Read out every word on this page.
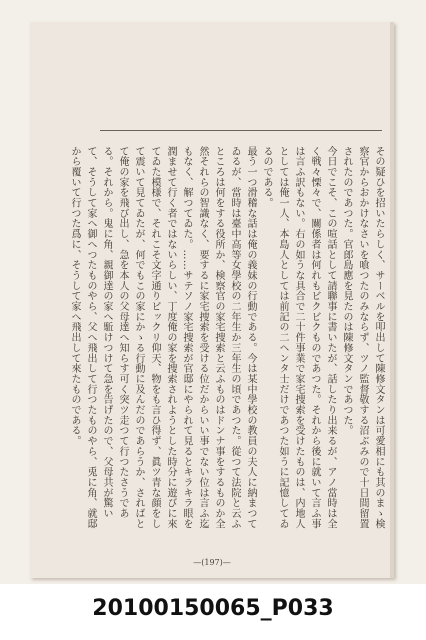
その疑ひを招いたらしく、サーベルを叩出して陳修文タンは可愛相にも其のまゝ検察官からおかけなさいを喰つたのみならず、ツノ監督敬する沼ぶみので十日間留置されたのであつた。官郎島應を見たのは陳修文タンであつた。

今日でこそ、この喧話として請聯事に書いたが、話したり出来るが、アノ當時は全く戦々慄々で、關係者は何れもビクビクものであつた。それから後に就いて言ふ事は言ふ訳もない。右の如うな具合で二十件事業で家宅捜索を受けたものは、内地人としては俺一人、本島人としては前記の二ヘンタ士だけであつた如うに記憶してゐるのである。

最う一つ滑稽な話は俺の義妹の行動である。今は某中學校の教員の夫人に納まつてゐるが、當時は臺中高等女學校の二年生か三年生の頃であつた。從つて法院と云ふところは何をする役所か、検察官の家宅捜索と云ふものはドンナ事をするものか全然それらの智識なく、要するに家宅捜索を受ける位だからいい事でない位は言ふ迄もなく、解つてゐた。……サテソノ家宅捜索が官邸にやられて見るとキラキラ眼を潤ませて行く者ではないらしい、丁度俺の家を捜索されようとした時分に遊びに來てゐた模様で、それこそ文字通りビックリ仰天、物をも言ひ得ず、眞ツ青な顔をして震いて見てゐたが、何でもこの家にかゝる行動に及んだのであらうか、さればとて俺の家を飛び出し、急を本人の父母達へ知らす可く突ツ走つて行つたさうである。それから。鬼に角、親御達の家へ駈けつけて急を告げたので、父母共が驚いて、そうして家へ御へつたものやら、父へ飛出して行つたものやら、兎に角、就邸から覆いて行つた爲に、そうして家へ飛出して來たものである。

—(197)—
20100150065_P033
